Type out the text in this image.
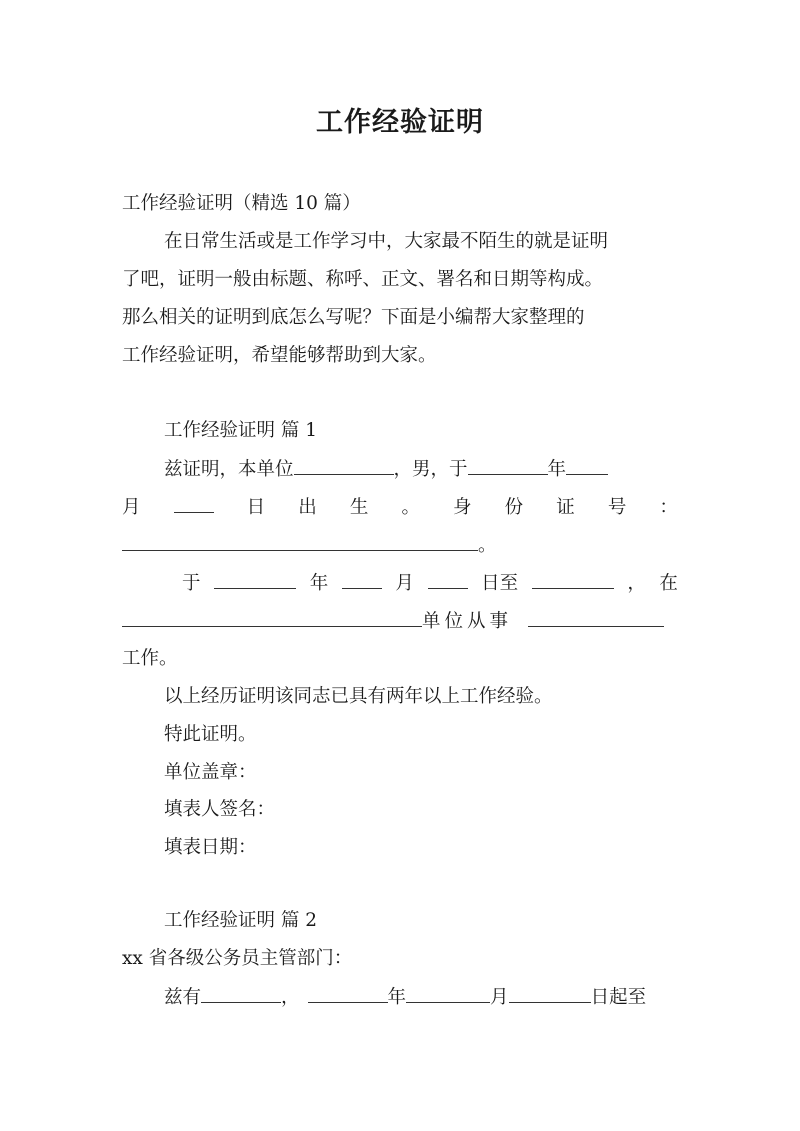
工作经验证明
工作经验证明（精选 10 篇）
在日常生活或是工作学习中，大家最不陌生的就是证明
了吧，证明一般由标题、称呼、正文、署名和日期等构成。
那么相关的证明到底怎么写呢？下面是小编帮大家整理的
工作经验证明，希望能够帮助到大家。
工作经验证明 篇 1
兹证明，本单位	，男，于	年
月	日 出 生 。 身 份 证 号 ：
。
于	年	月	日至	， 在
单位从事
工作。
以上经历证明该同志已具有两年以上工作经验。
特此证明。
单位盖章：
填表人签名：
填表日期：
工作经验证明 篇 2
xx 省各级公务员主管部门：
兹有	，	年	月	日起至
